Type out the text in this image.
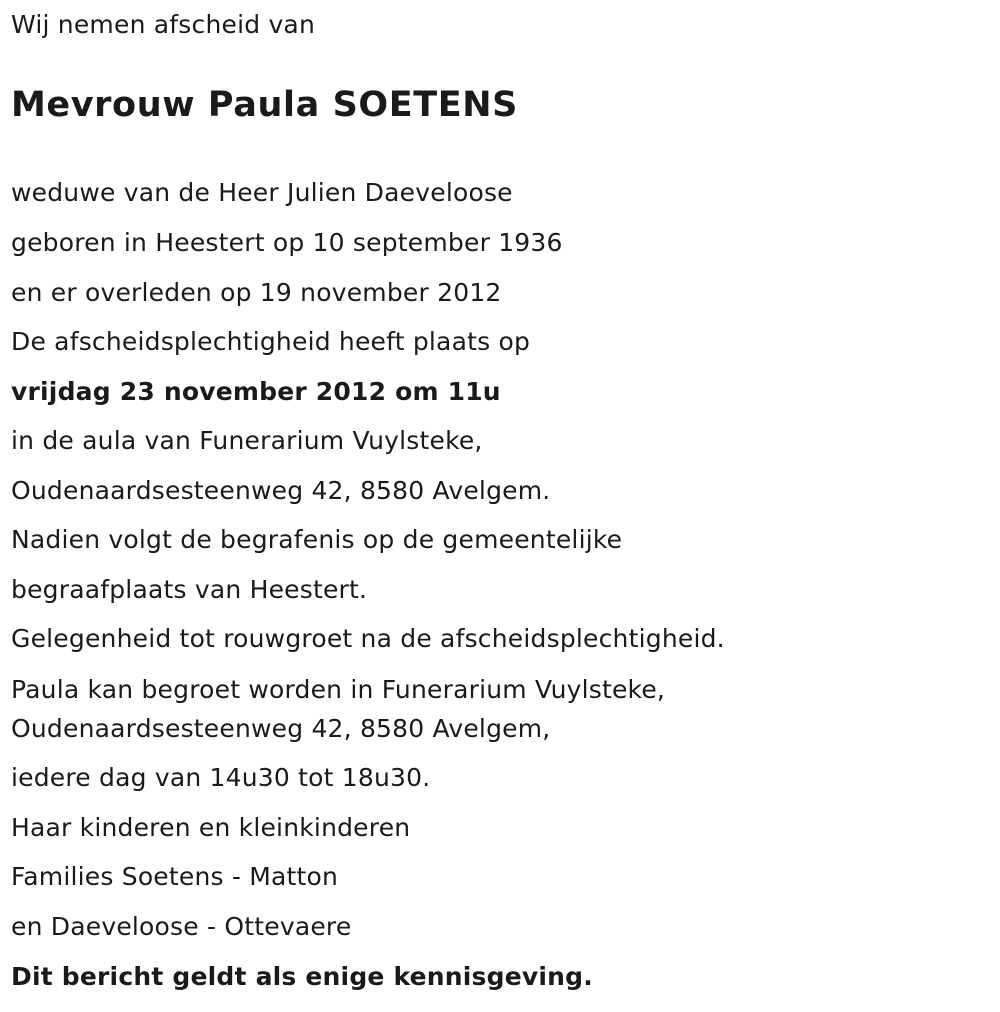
Wij nemen afscheid van
Mevrouw Paula SOETENS
weduwe van de Heer Julien Daeveloose
geboren in Heestert op 10 september 1936
en er overleden op 19 november 2012
De afscheidsplechtigheid heeft plaats op
vrijdag 23 november 2012 om 11u
in de aula van Funerarium Vuylsteke,
Oudenaardsesteenweg 42, 8580 Avelgem.
Nadien volgt de begrafenis op de gemeentelijke
begraafplaats van Heestert.
Gelegenheid tot rouwgroet na de afscheidsplechtigheid.
Paula kan begroet worden in Funerarium Vuylsteke,
Oudenaardsesteenweg 42, 8580 Avelgem,
iedere dag van 14u30 tot 18u30.
Haar kinderen en kleinkinderen
Families Soetens - Matton
en Daeveloose - Ottevaere
Dit bericht geldt als enige kennisgeving.
